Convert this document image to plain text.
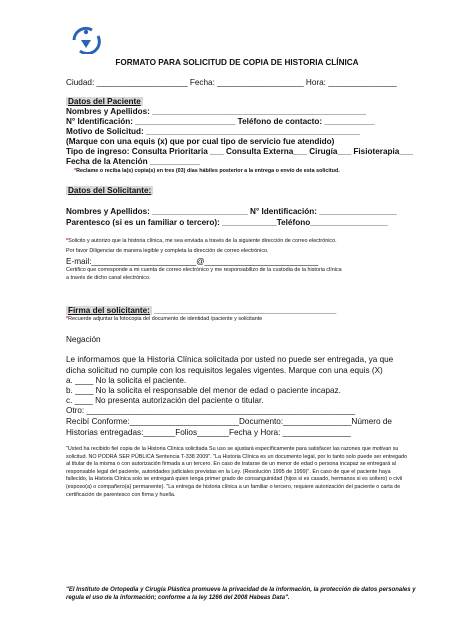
FORMATO PARA SOLICITUD DE COPIA DE HISTORIA CLÍNICA
Ciudad: ____________________ Fecha: ___________________ Hora: _______________
Datos del Paciente
Nombres y Apellidos: _______________________________________________
N° Identificación: ______________________ Teléfono de contacto: ___________
Motivo de Solicitud: _______________________________________________
(Marque con una equis (x) que por cual tipo de servicio fue atendido)
Tipo de ingreso: Consulta Prioritaria ___ Consulta Externa___ Cirugía___ Fisioterapia___
Fecha de la Atención ___________
*Reclame o reciba la(s) copia(s) en tres (03) días hábiles posterior a la entrega o envío de esta solicitud.
Datos del Solicitante:
Nombres y Apellidos: _____________________ N° Identificación: _________________
Parentesco (si es un familiar o tercero): ____________Teléfono_________________
*Solicito y autorizo que la historia clínica, me sea enviada a través de la siguiente dirección de correo electrónico.
Por favor Diligenciar de manera legible y completa la dirección de correo electrónico.
E-mail:_______________________@_________________________
Certifico que corresponde a mi cuenta de correo electrónico y me responsabilizo de la custodia de la historia clínica
a través de dicho canal electrónico.
Firma del solicitante: ________________________________________
*Recuerde adjuntar la fotocopia del documento de identidad /paciente y solicitante
Negación
Le informamos que la Historia Clínica solicitada por usted no puede ser entregada, ya que
dicha solicitud no cumple con los requisitos legales vigentes. Marque con una equis (X)
a. ____ No la solicita el paciente.
b. ____ No la solicita el responsable del menor de edad o paciente incapaz.
c. ____ No presenta autorización del paciente o titular.
Otro: ___________________________________________________________
Recibí Conforme:________________________Documento:_______________Número de
Historias entregadas:_______Folios_______Fecha y Hora: _______________
"Usted ha recibido fiel copia de la Historia Clínica solicitada Su uso se ajustará específicamente para satisfacer las razones que motivan su solicitud. NO PODRÁ SER PÚBLICA Sentencia T-338 2009". "La Historia Clínica es un documento legal, por lo tanto solo puede ser entregado al titular de la misma o con autorización firmada a un tercero. En caso de tratarse de un menor de edad o persona incapaz se entregará al responsable legal del paciente, autoridades judiciales previstas en la Ley. (Resolución 1995 de 1999)". En caso de que el paciente haya fallecido, la Historia Clínica solo se entregará quien tenga primer grado de consanguinidad (hijos si es casado, hermanos si es soltero) o civil (esposo(a) o compañero(a) permanente). "La entrega de historia clínica a un familiar o tercero, requiere autorización del paciente o carta de certificación de parentesco con firma y huella.
"El Instituto de Ortopedia y Cirugía Plástica promueve la privacidad de la información, la protección de datos personales y regula el uso de la información; conforme a la ley 1266 del 2008 Habeas Data".
